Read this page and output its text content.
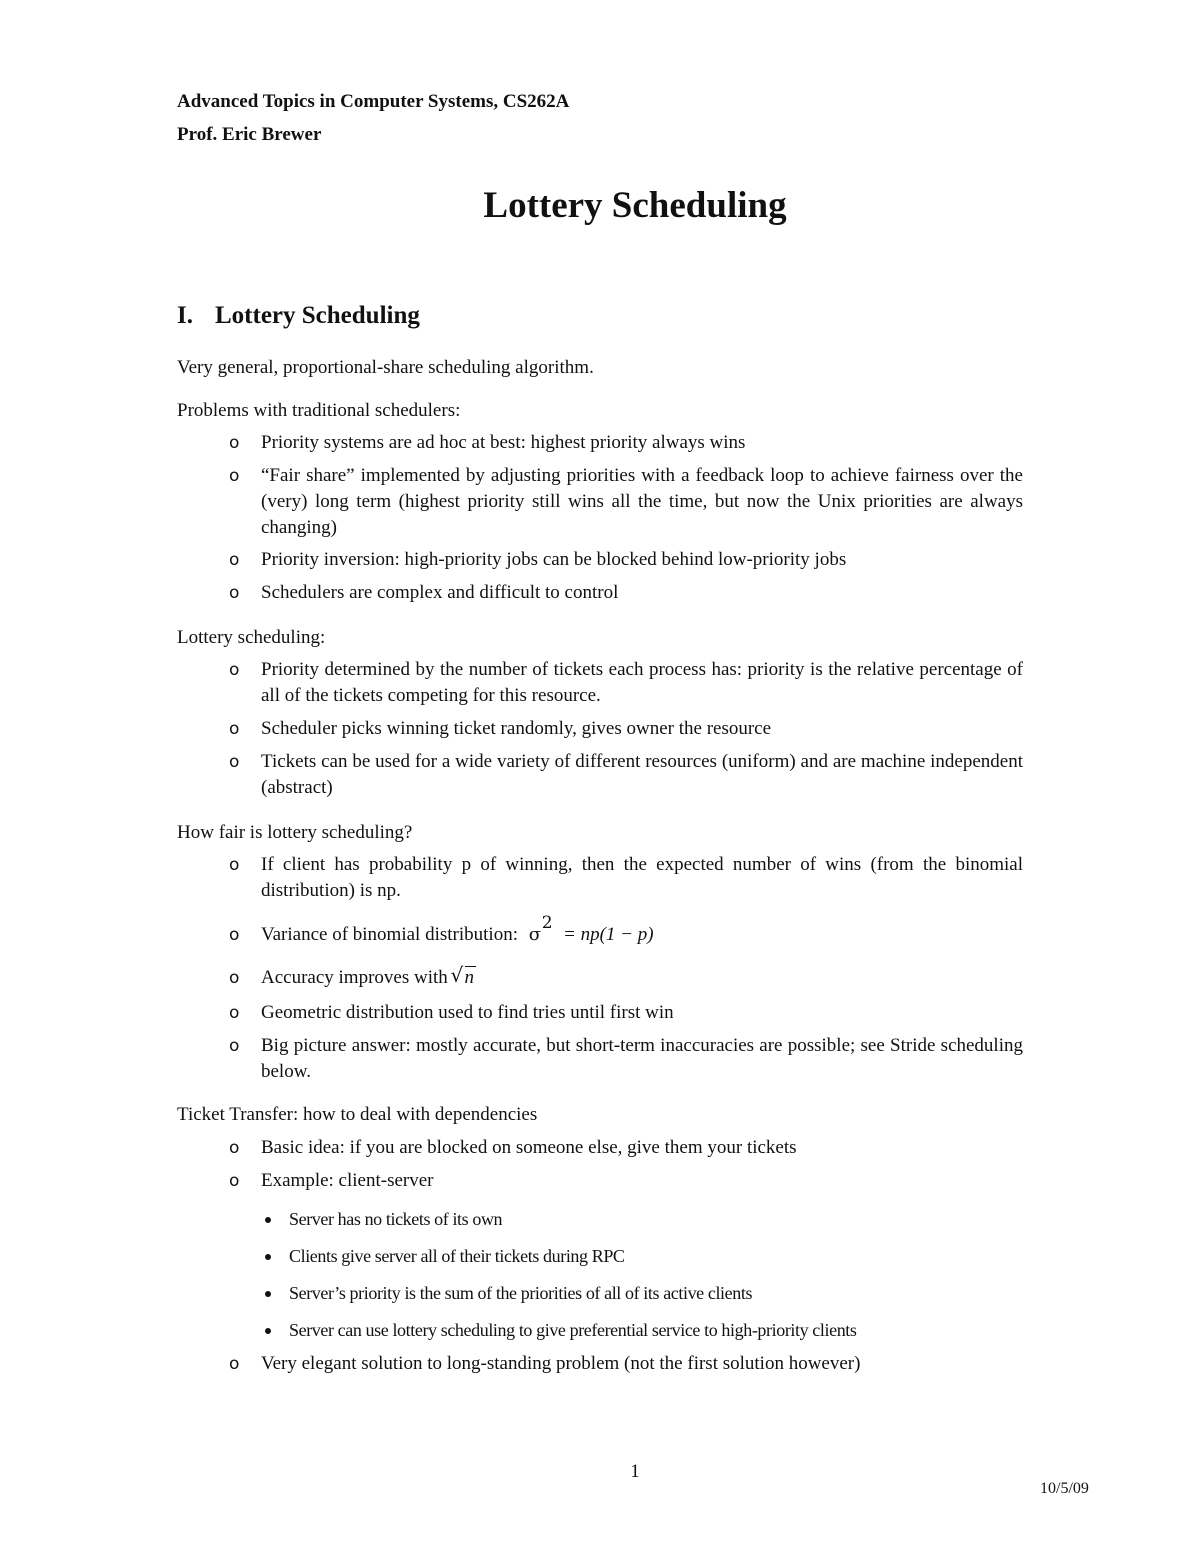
Advanced Topics in Computer Systems, CS262A

Prof. Eric Brewer

Lottery Scheduling
I. Lottery Scheduling

Very general, proportional-share scheduling algorithm.

Problems with traditional schedulers:

o Priority systems are ad hoc at best: highest priority always wins
o “Fair share” implemented by adjusting priorities with a feedback loop to achieve fairness over the (very) long term (highest priority still wins all the time, but now the Unix priorities are always changing)
o Priority inversion: high-priority jobs can be blocked behind low-priority jobs
o Schedulers are complex and difficult to control

Lottery scheduling:

o Priority determined by the number of tickets each process has: priority is the relative percentage of all of the tickets competing for this resource.
o Scheduler picks winning ticket randomly, gives owner the resource
o Tickets can be used for a wide variety of different resources (uniform) and are machine independent (abstract)

How fair is lottery scheduling?

o If client has probability p of winning, then the expected number of wins (from the binomial distribution) is np.
o Variance of binomial distribution: σ
2
= np(1 − p)
o Accuracy improves with
√ n
o Geometric distribution used to find tries until first win
o Big picture answer: mostly accurate, but short-term inaccuracies are possible; see Stride scheduling below.

Ticket Transfer: how to deal with dependencies

o Basic idea: if you are blocked on someone else, give them your tickets
o Example: client-server
Server has no tickets of its own
Clients give server all of their tickets during RPC
Server’s priority is the sum of the priorities of all of its active clients
Server can use lottery scheduling to give preferential service to high-priority clients
o Very elegant solution to long-standing problem (not the first solution however)

1

10/5/09
